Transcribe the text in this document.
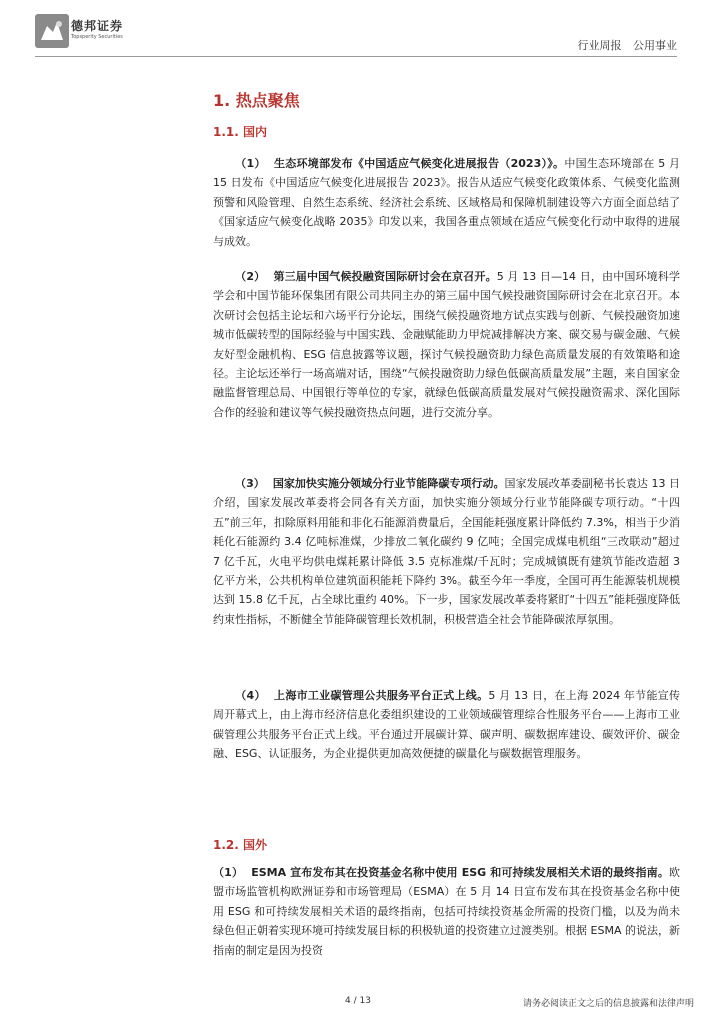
德邦证券
Topsperity Securities
行业周报 公用事业
1. 热点聚焦
1.1. 国内
（1） 生态环境部发布《中国适应气候变化进展报告（2023）》。中国生态环境部在 5 月 15 日发布《中国适应气候变化进展报告 2023》。报告从适应气候变化政策体系、气候变化监测预警和风险管理、自然生态系统、经济社会系统、区域格局和保障机制建设等六方面全面总结了《国家适应气候变化战略 2035》印发以来，我国各重点领域在适应气候变化行动中取得的进展与成效。
（2） 第三届中国气候投融资国际研讨会在京召开。5 月 13 日—14 日，由中国环境科学学会和中国节能环保集团有限公司共同主办的第三届中国气候投融资国际研讨会在北京召开。本次研讨会包括主论坛和六场平行分论坛，围绕气候投融资地方试点实践与创新、气候投融资加速城市低碳转型的国际经验与中国实践、金融赋能助力甲烷减排解决方案、碳交易与碳金融、气候友好型金融机构、ESG 信息披露等议题，探讨气候投融资助力绿色高质量发展的有效策略和途径。主论坛还举行一场高端对话，围绕“气候投融资助力绿色低碳高质量发展”主题，来自国家金融监督管理总局、中国银行等单位的专家，就绿色低碳高质量发展对气候投融资需求、深化国际合作的经验和建议等气候投融资热点问题，进行交流分享。
（3） 国家加快实施分领域分行业节能降碳专项行动。国家发展改革委副秘书长袁达 13 日介绍，国家发展改革委将会同各有关方面，加快实施分领域分行业节能降碳专项行动。“十四五”前三年，扣除原料用能和非化石能源消费量后，全国能耗强度累计降低约 7.3%，相当于少消耗化石能源约 3.4 亿吨标准煤，少排放二氧化碳约 9 亿吨；全国完成煤电机组“三改联动”超过 7 亿千瓦，火电平均供电煤耗累计降低 3.5 克标准煤/千瓦时；完成城镇既有建筑节能改造超 3 亿平方米，公共机构单位建筑面积能耗下降约 3%。截至今年一季度，全国可再生能源装机规模达到 15.8 亿千瓦，占全球比重约 40%。下一步，国家发展改革委将紧盯“十四五”能耗强度降低约束性指标，不断健全节能降碳管理长效机制，积极营造全社会节能降碳浓厚氛围。
（4） 上海市工业碳管理公共服务平台正式上线。5 月 13 日，在上海 2024 年节能宣传周开幕式上，由上海市经济信息化委组织建设的工业领域碳管理综合性服务平台——上海市工业碳管理公共服务平台正式上线。平台通过开展碳计算、碳声明、碳数据库建设、碳效评价、碳金融、ESG、认证服务，为企业提供更加高效便捷的碳量化与碳数据管理服务。
1.2. 国外
（1） ESMA 宣布发布其在投资基金名称中使用 ESG 和可持续发展相关术语的最终指南。欧盟市场监管机构欧洲证券和市场管理局（ESMA）在 5 月 14 日宣布发布其在投资基金名称中使用 ESG 和可持续发展相关术语的最终指南，包括可持续投资基金所需的投资门槛，以及为尚未绿色但正朝着实现环境可持续发展目标的积极轨道的投资建立过渡类别。根据 ESMA 的说法，新指南的制定是因为投资
4 / 13	请务必阅读正文之后的信息披露和法律声明
